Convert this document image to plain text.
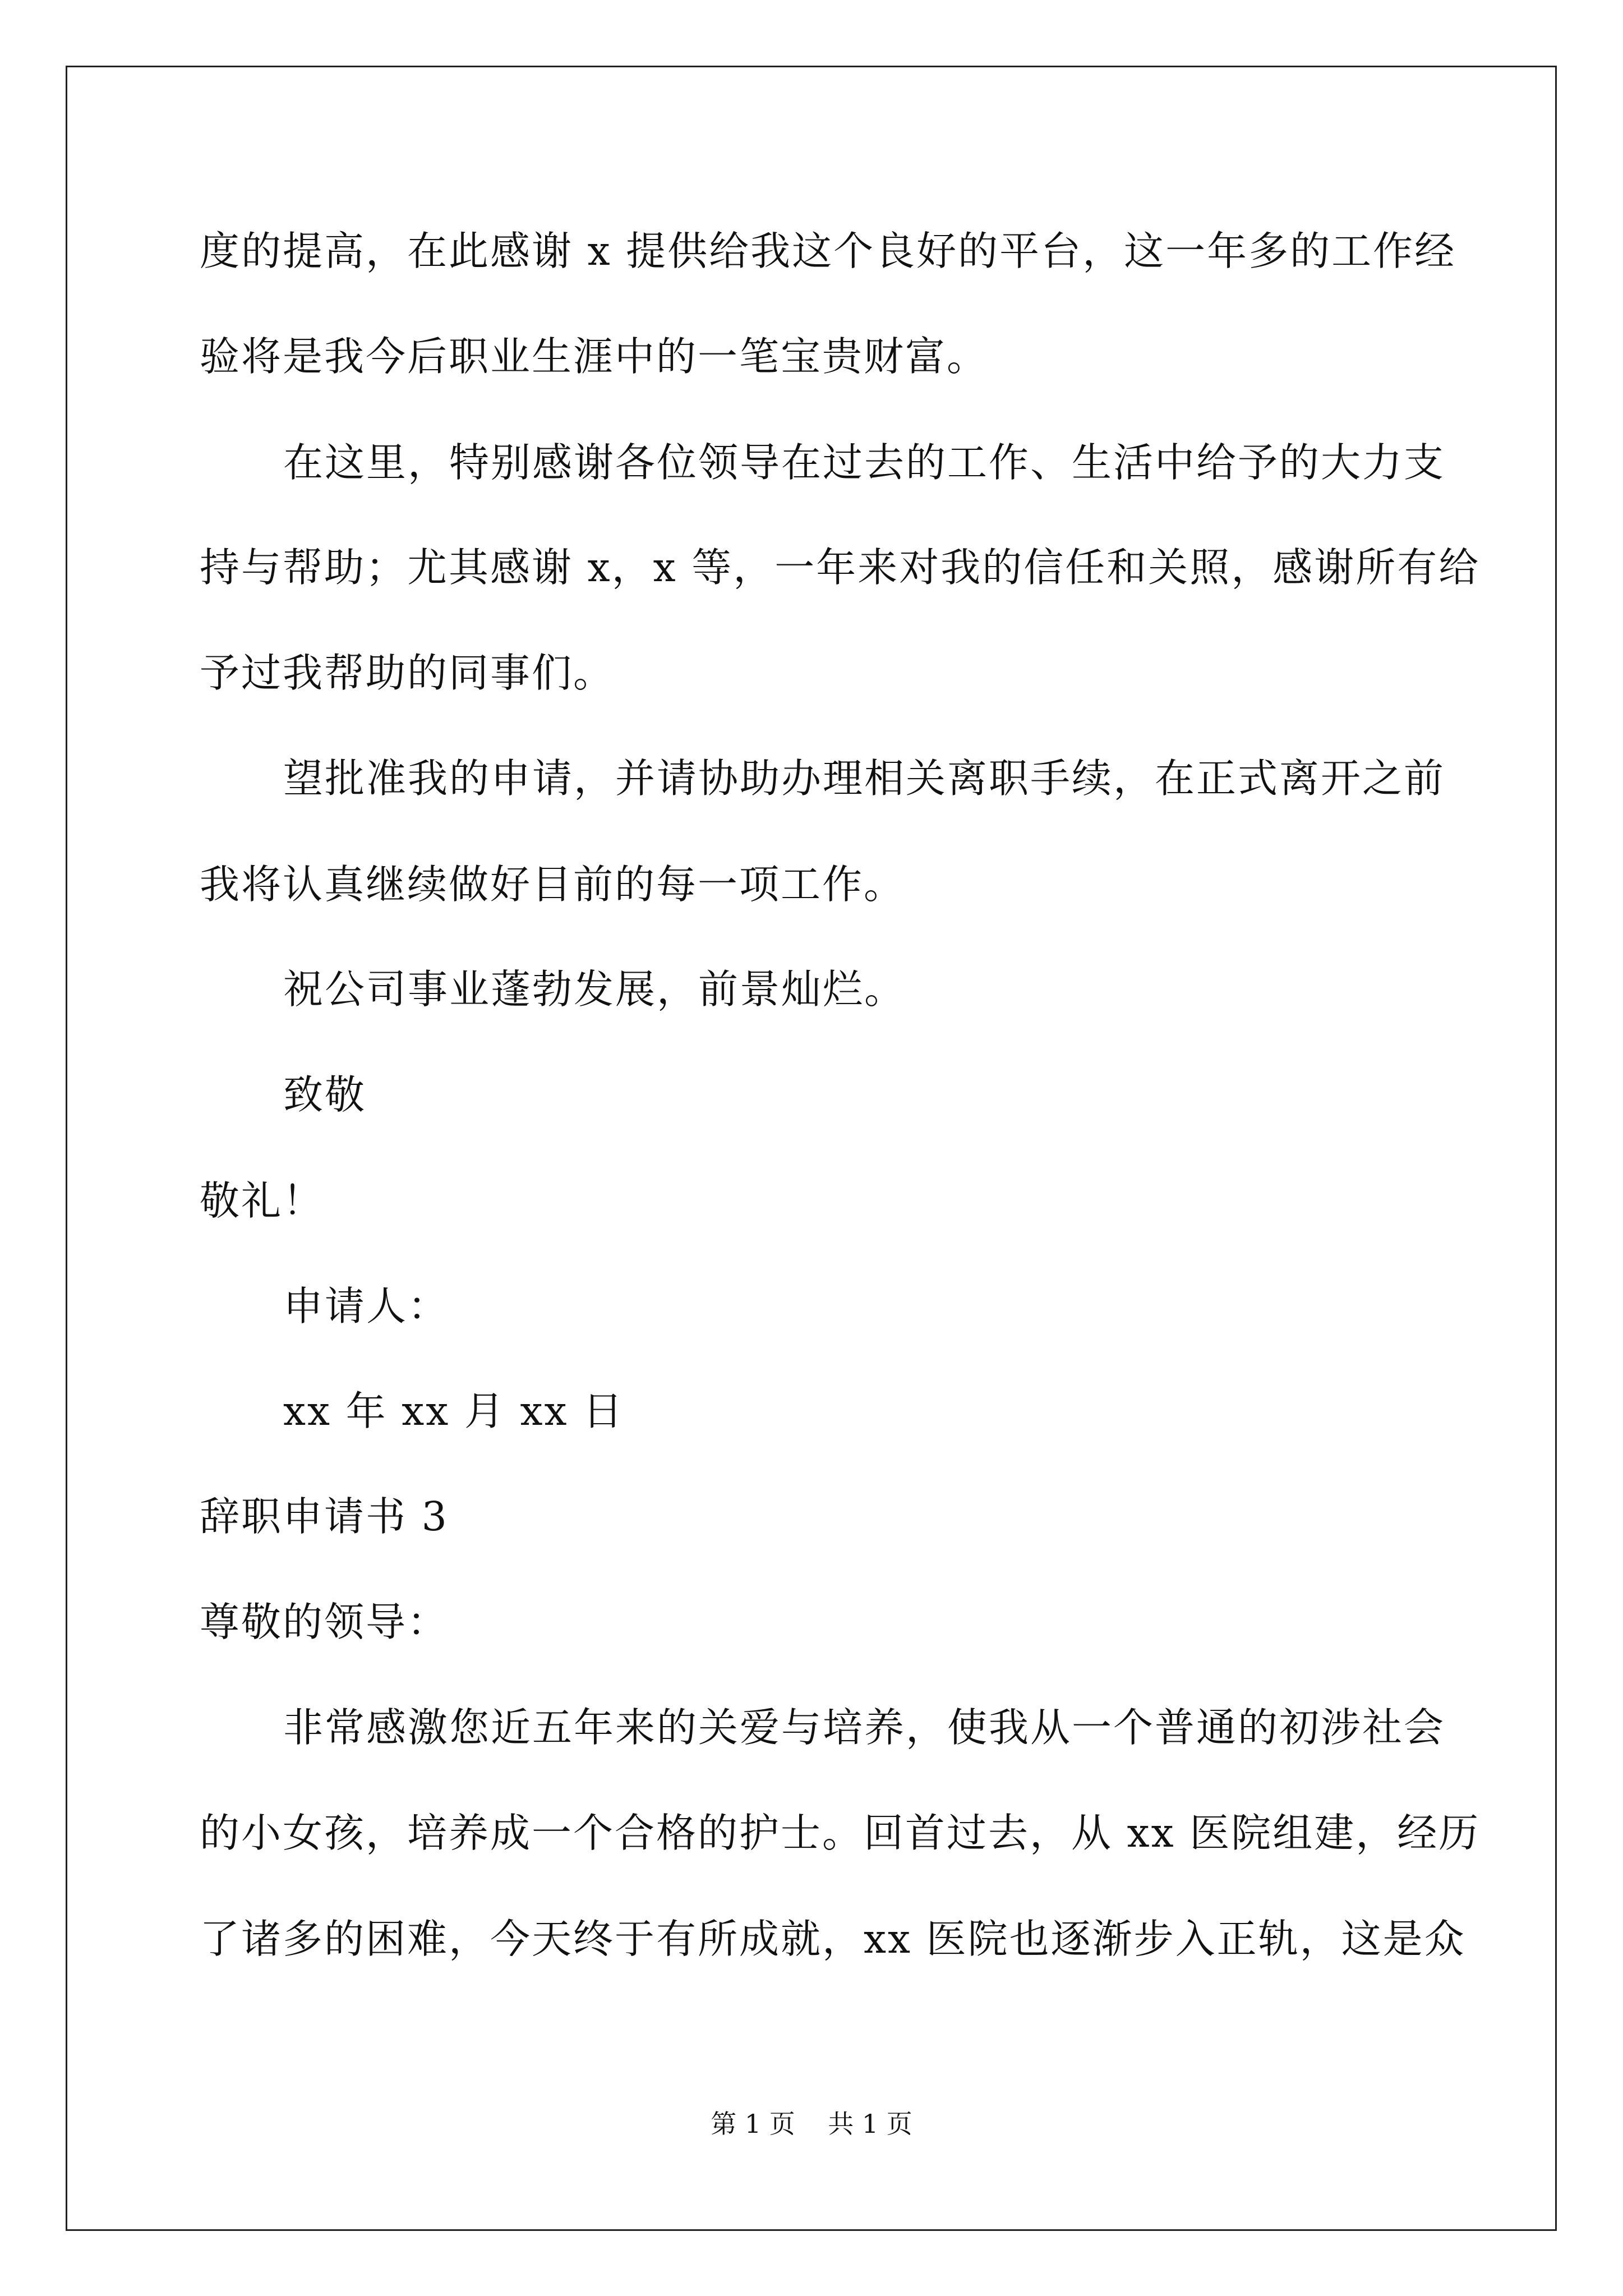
度的提高，在此感谢 x 提供给我这个良好的平台，这一年多的工作经
验将是我今后职业生涯中的一笔宝贵财富。
在这里，特别感谢各位领导在过去的工作、生活中给予的大力支
持与帮助；尤其感谢 x，x 等，一年来对我的信任和关照，感谢所有给
予过我帮助的同事们。
望批准我的申请，并请协助办理相关离职手续，在正式离开之前
我将认真继续做好目前的每一项工作。
祝公司事业蓬勃发展，前景灿烂。
致敬
敬礼！
申请人：
xx 年 xx 月 xx 日
辞职申请书 3
尊敬的领导：
非常感激您近五年来的关爱与培养，使我从一个普通的初涉社会
的小女孩，培养成一个合格的护士。回首过去，从 xx 医院组建，经历
了诸多的困难，今天终于有所成就，xx 医院也逐渐步入正轨，这是众
第 1 页    共 1 页
